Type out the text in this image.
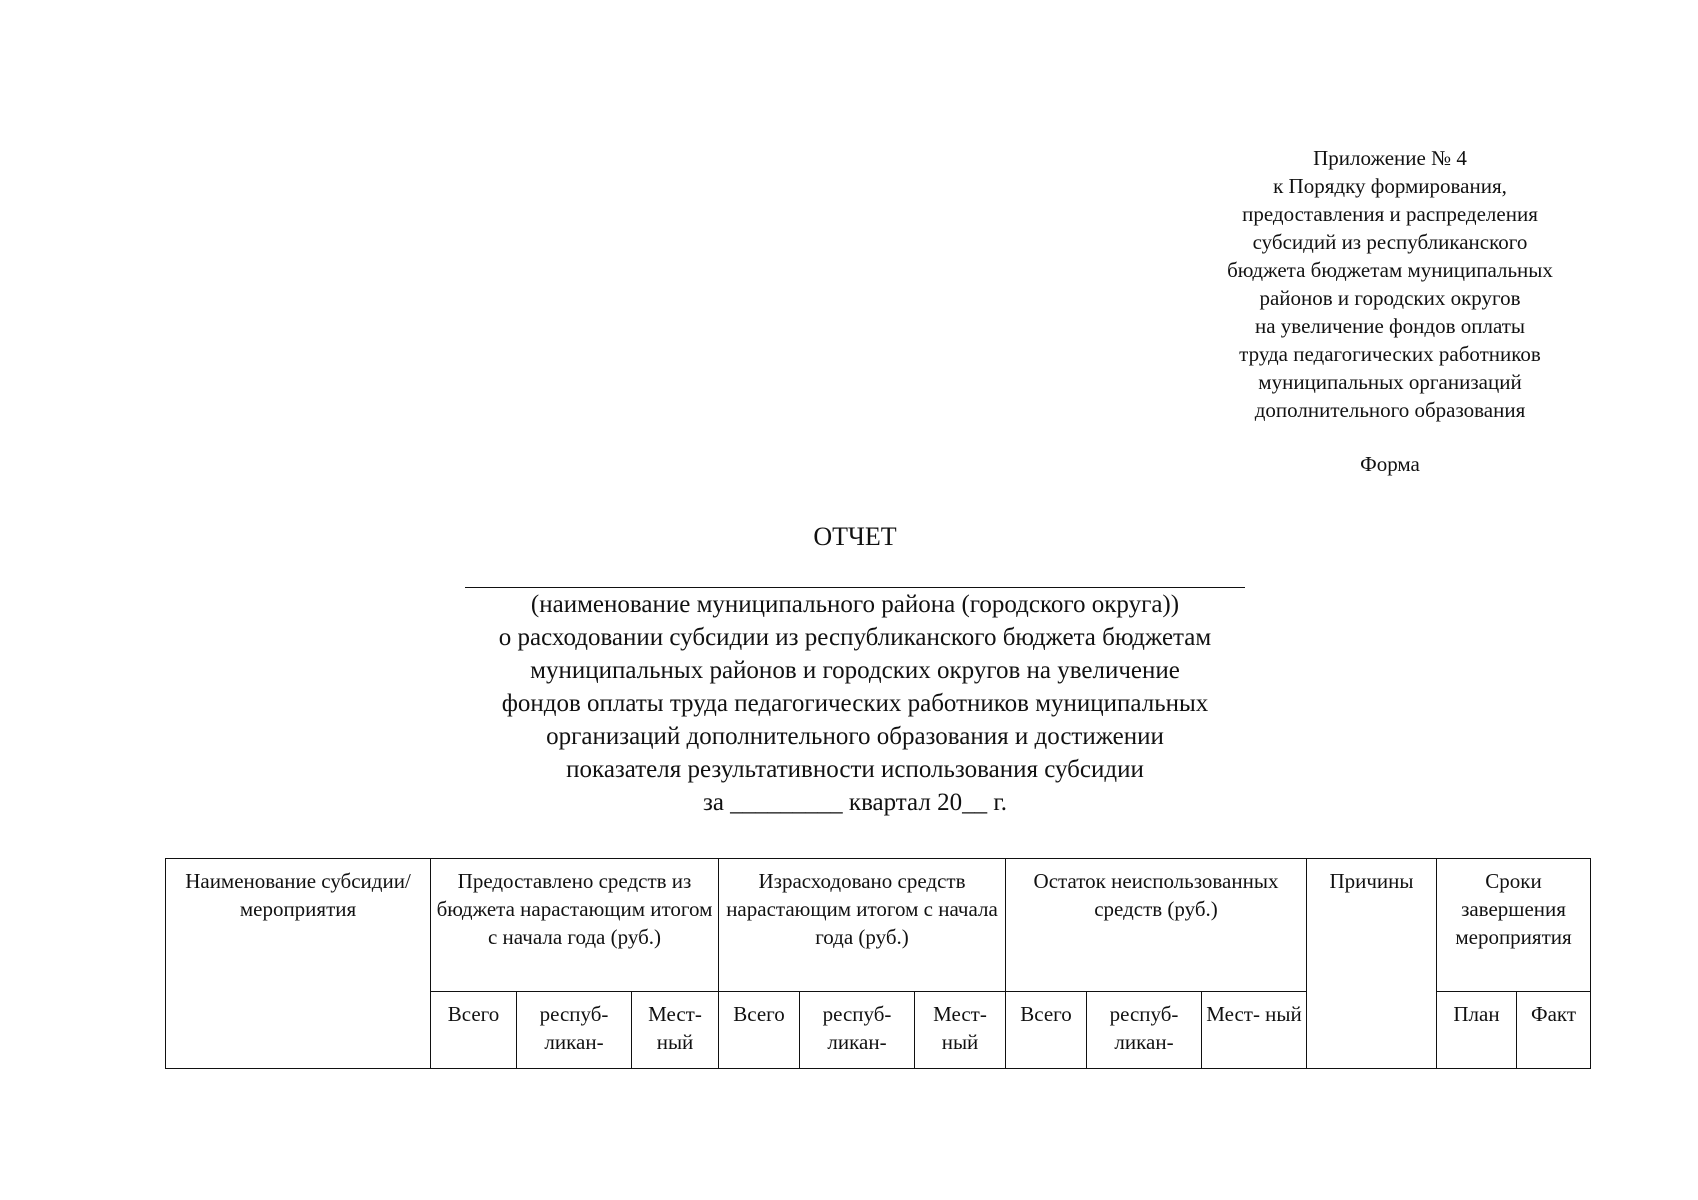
Приложение № 4
к Порядку формирования,
предоставления и распределения
субсидий из республиканского
бюджета бюджетам муниципальных
районов и городских округов
на увеличение фондов оплаты
труда педагогических работников
муниципальных организаций
дополнительного образования
Форма
ОТЧЕТ
(наименование муниципального района (городского округа))
о расходовании субсидии из республиканского бюджета бюджетам
муниципальных районов и городских округов на увеличение
фондов оплаты труда педагогических работников муниципальных
организаций дополнительного образования и достижении
показателя результативности использования субсидии
за _________ квартал 20__ г.
Наименование субсидии/мероприятия	Предоставлено средств из бюджета нарастающим итогом с начала года (руб.)			Израсходовано средств нарастающим итогом с начала года (руб.)			Остаток неиспользованных средств (руб.)			Причины	Сроки завершения мероприятия	
	Всего	респуб- ликан-	Мест- ный	Всего	респуб- ликан-	Мест- ный	Всего	респуб- ликан-	Мест- ный		План	Факт
